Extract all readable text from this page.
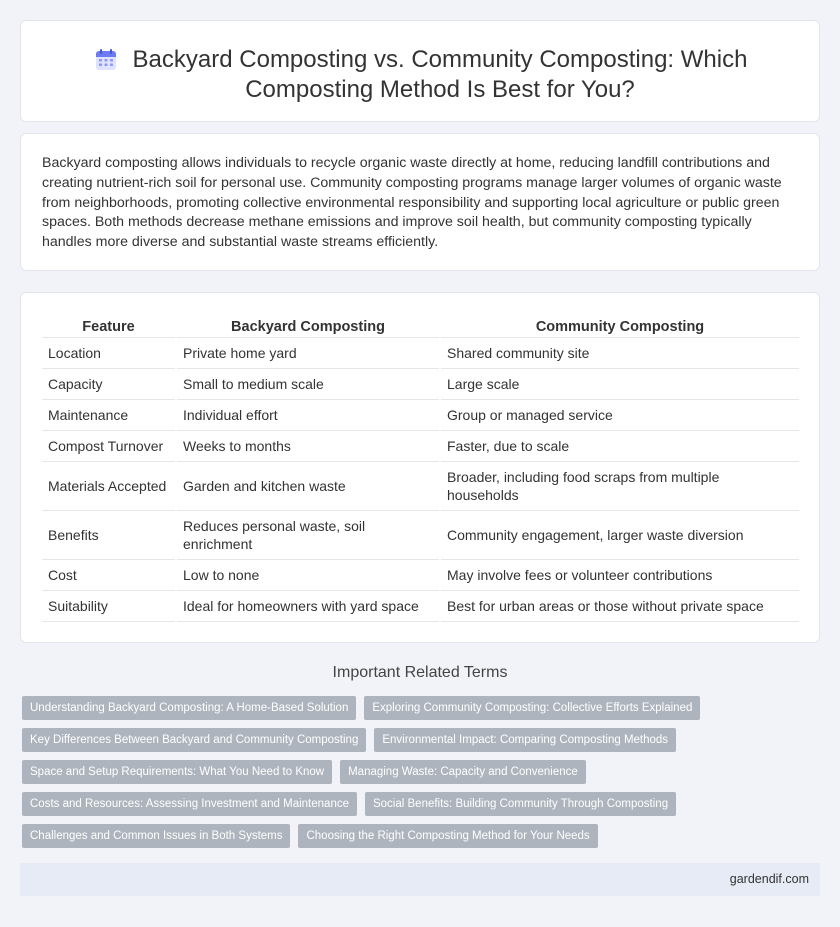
Backyard Composting vs. Community Composting: Which Composting Method Is Best for You?

Backyard composting allows individuals to recycle organic waste directly at home, reducing landfill contributions and creating nutrient-rich soil for personal use. Community composting programs manage larger volumes of organic waste from neighborhoods, promoting collective environmental responsibility and supporting local agriculture or public green spaces. Both methods decrease methane emissions and improve soil health, but community composting typically handles more diverse and substantial waste streams efficiently.

Feature	Backyard Composting	Community Composting
Location	Private home yard	Shared community site
Capacity	Small to medium scale	Large scale
Maintenance	Individual effort	Group or managed service
Compost Turnover	Weeks to months	Faster, due to scale
Materials Accepted	Garden and kitchen waste	Broader, including food scraps from multiple households
Benefits	Reduces personal waste, soil enrichment	Community engagement, larger waste diversion
Cost	Low to none	May involve fees or volunteer contributions
Suitability	Ideal for homeowners with yard space	Best for urban areas or those without private space
Important Related Terms
Understanding Backyard Composting: A Home-Based Solution	Exploring Community Composting: Collective Efforts Explained
Key Differences Between Backyard and Community Composting	Environmental Impact: Comparing Composting Methods
Space and Setup Requirements: What You Need to Know	Managing Waste: Capacity and Convenience
Costs and Resources: Assessing Investment and Maintenance	Social Benefits: Building Community Through Composting
Challenges and Common Issues in Both Systems	Choosing the Right Composting Method for Your Needs
gardendif.com
